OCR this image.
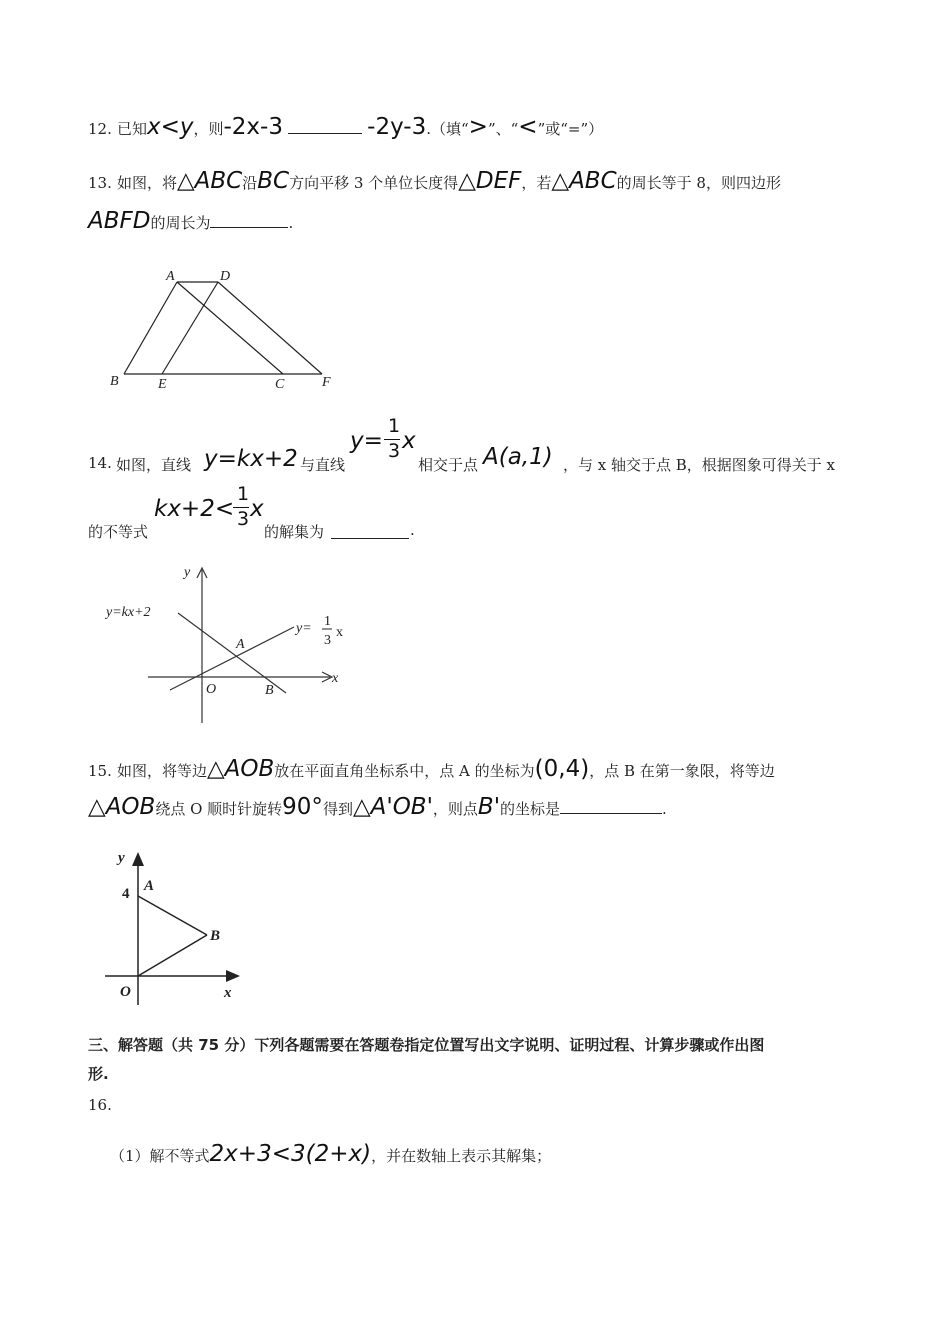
12. 已知x<y，则-2x-3	-2y-3.（填“>”、“<”或“=”）
13. 如图，将△ABC沿BC方向平移 3 个单位长度得△DEF，若△ABC的周长等于 8，则四边形
ABFD的周长为	.
A	D
B	E	C	F
14. 如图，直线 y=kx+2 与直线
y=
1
3 x
相交于点 A(a,1) ，与 x 轴交于点 B，根据图象可得关于 x
的不等式
kx+2<
1
3 x
的解集为	.
y
x
O
A
B
y=kx+2
y= 1
3
x
15. 如图，将等边△AOB放在平面直角坐标系中，点 A 的坐标为(0,4)，点 B 在第一象限，将等边
△AOB绕点 O 顺时针旋转90°得到△A'OB'，则点B'的坐标是	.
y
x
O
A
B
4
三、解答题（共 75 分）下列各题需要在答题卷指定位置写出文字说明、证明过程、计算步骤或作出图
形.
16.
（1）解不等式2x+3<3(2+x)，并在数轴上表示其解集；
